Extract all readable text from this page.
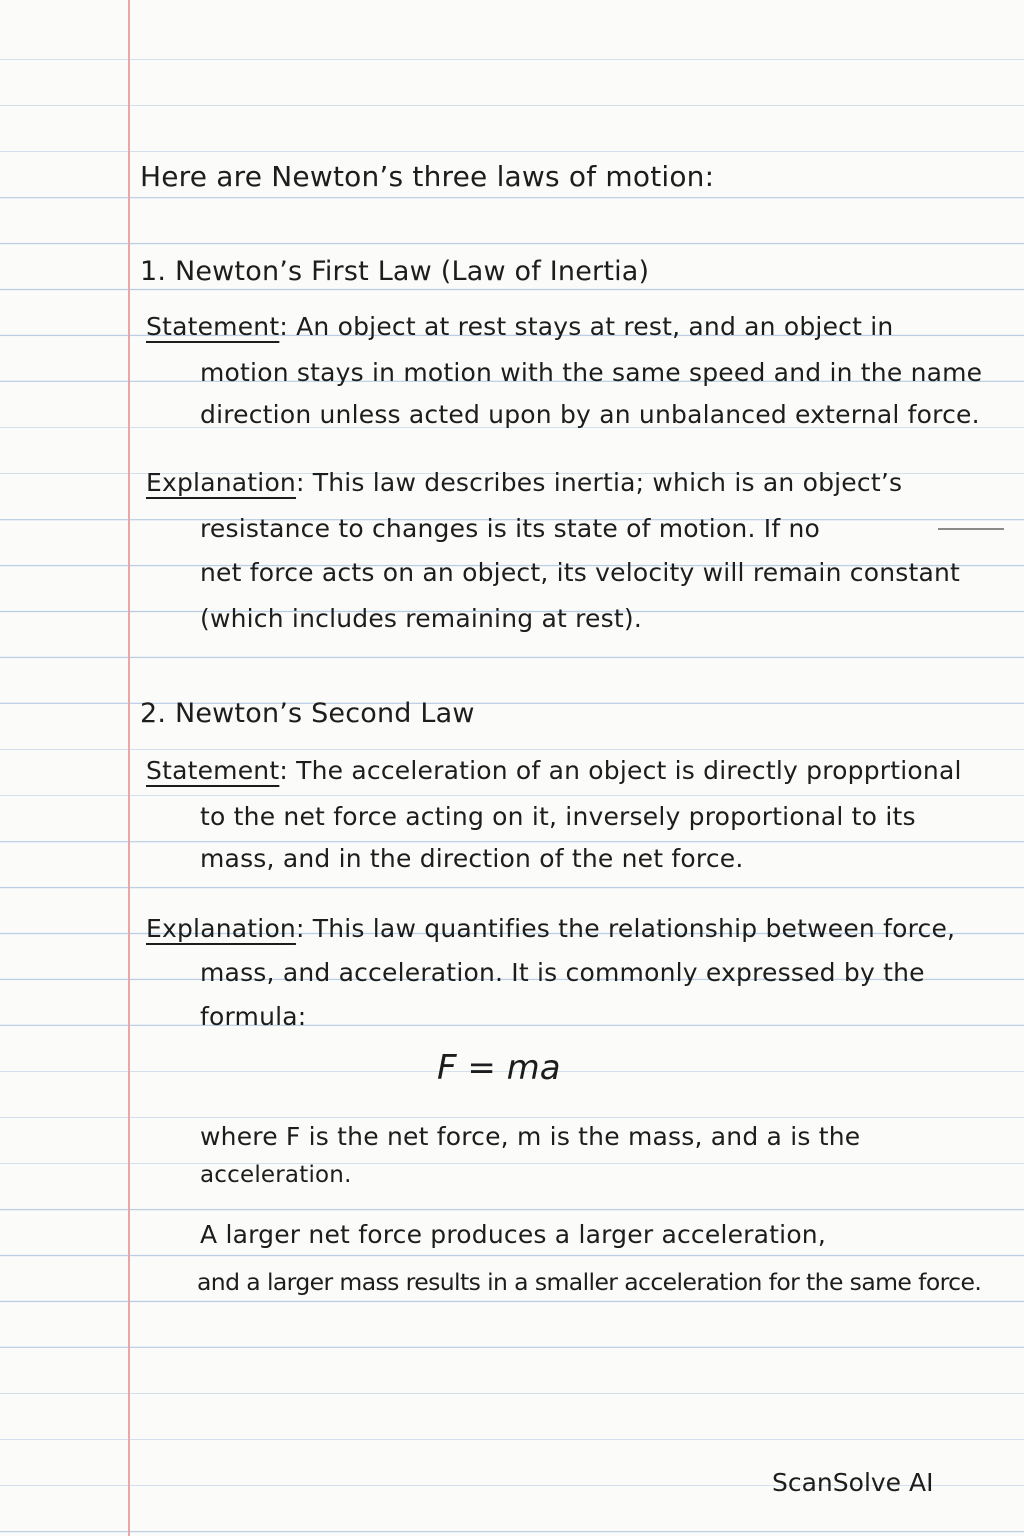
Here are Newton’s three laws of motion:
1. Newton’s First Law (Law of Inertia)
Statement: An object at rest stays at rest, and an object in
motion stays in motion with the same speed and in the name
direction unless acted upon by an unbalanced external force.
Explanation: This law describes inertia; which is an object’s
resistance to changes is its state of motion. If no
net force acts on an object, its velocity will remain constant
(which includes remaining at rest).
2. Newton’s Second Law
Statement: The acceleration of an object is directly propprtional
to the net force acting on it, inversely proportional to its
mass, and in the direction of the net force.
Explanation: This law quantifies the relationship between force,
mass, and acceleration. It is commonly expressed by the
formula:
F = ma
where F is the net force, m is the mass, and a is the
acceleration.
A larger net force produces a larger acceleration,
and a larger mass results in a smaller acceleration for the same force.
ScanSolve AI
